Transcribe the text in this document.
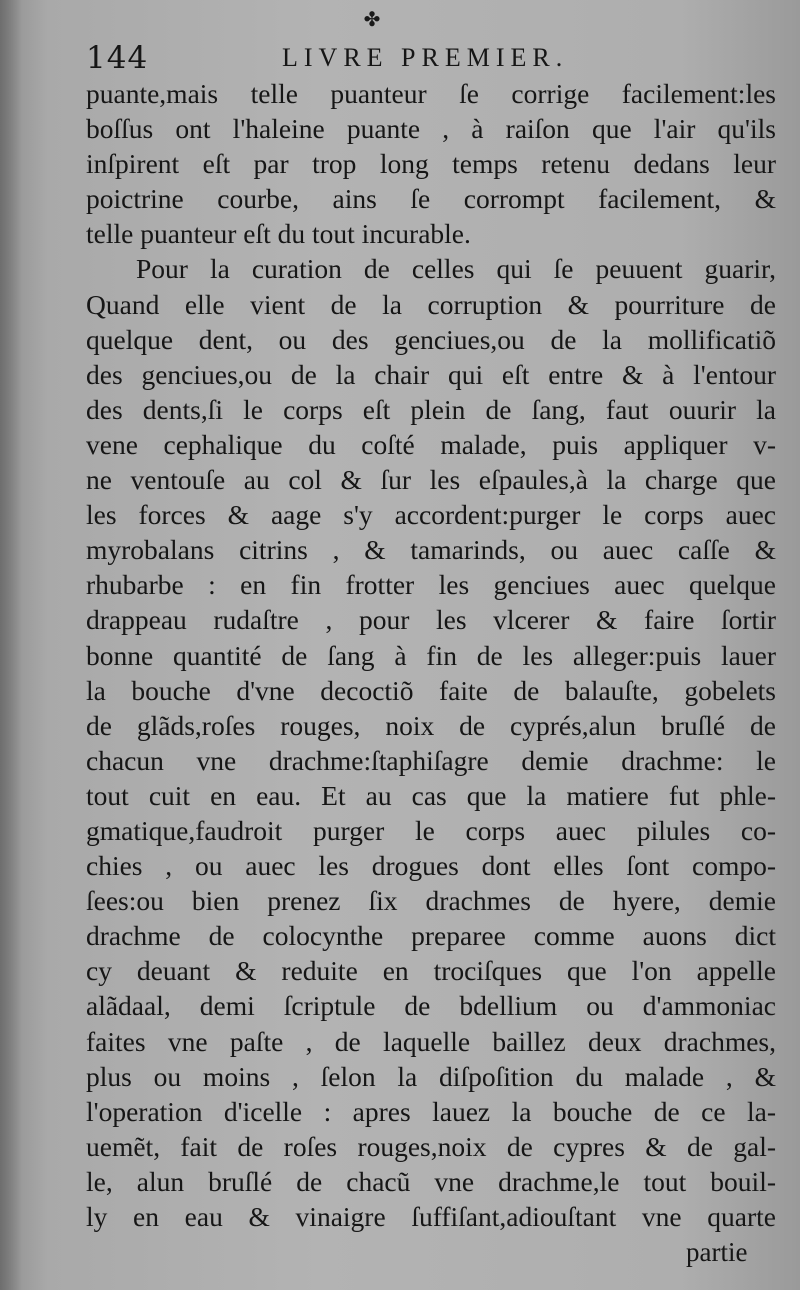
✤
144	LIVRE PREMIER.
puante,mais telle puanteur ſe corrige facilement:les
boſſus ont l'haleine puante , à raiſon que l'air qu'ils
inſpirent eſt par trop long temps retenu dedans leur
poictrine courbe, ains ſe corrompt facilement, &
telle puanteur eſt du tout incurable.
Pour la curation de celles qui ſe peuuent guarir,
Quand elle vient de la corruption & pourriture de
quelque dent, ou des genciues,ou de la mollificatiõ
des genciues,ou de la chair qui eſt entre & à l'entour
des dents,ſi le corps eſt plein de ſang, faut ouurir la
vene cephalique du coſté malade, puis appliquer v-
ne ventouſe au col & ſur les eſpaules,à la charge que
les forces & aage s'y accordent:purger le corps auec
myrobalans citrins , & tamarinds, ou auec caſſe &
rhubarbe : en fin frotter les genciues auec quelque
drappeau rudaſtre , pour les vlcerer & faire ſortir
bonne quantité de ſang à fin de les alleger:puis lauer
la bouche d'vne decoctiõ faite de balauſte, gobelets
de glãds,roſes rouges, noix de cyprés,alun bruſlé de
chacun vne drachme:ſtaphiſagre demie drachme: le
tout cuit en eau. Et au cas que la matiere fut phle-
gmatique,faudroit purger le corps auec pilules co-
chies , ou auec les drogues dont elles ſont compo-
ſees:ou bien prenez ſix drachmes de hyere, demie
drachme de colocynthe preparee comme auons dict
cy deuant & reduite en trociſques que l'on appelle
alãdaal, demi ſcriptule de bdellium ou d'ammoniac
faites vne paſte , de laquelle baillez deux drachmes,
plus ou moins , ſelon la diſpoſition du malade , &
l'operation d'icelle : apres lauez la bouche de ce la-
uemẽt, fait de roſes rouges,noix de cypres & de gal-
le, alun bruſlé de chacũ vne drachme,le tout bouil-
ly en eau & vinaigre ſuffiſant,adiouſtant vne quarte
partie
